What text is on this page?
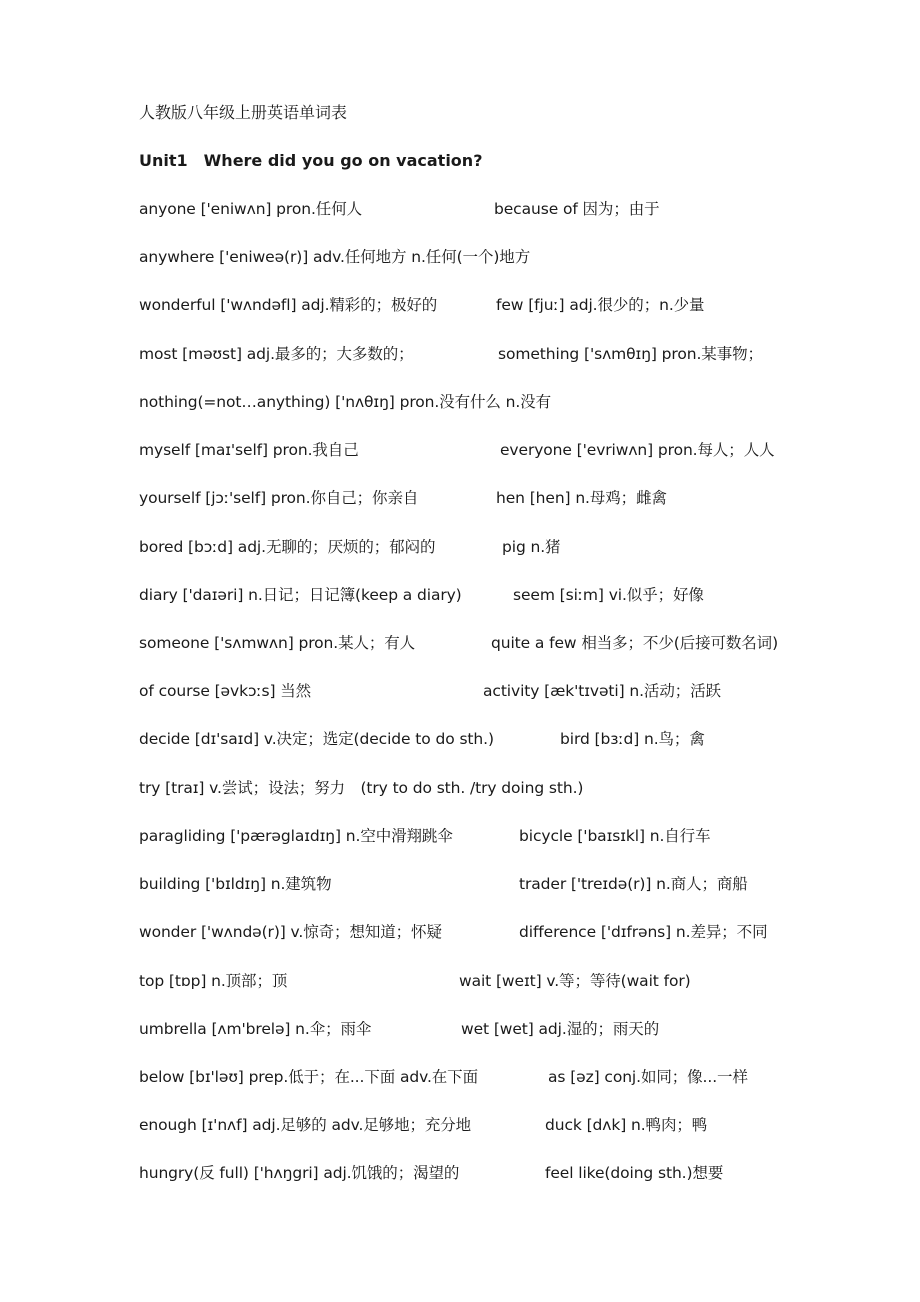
人教版八年级上册英语单词表
Unit1　Where did you go on vacation?
anyone ['eniwʌn] pron.任何人	because of 因为；由于
anywhere ['eniweə(r)] adv.任何地方 n.任何(一个)地方
wonderful ['wʌndəfl] adj.精彩的；极好的	few [fjuː] adj.很少的；n.少量
most [məʊst] adj.最多的；大多数的；	something ['sʌmθɪŋ] pron.某事物；
nothing(=not…anything) ['nʌθɪŋ] pron.没有什么 n.没有
myself [maɪ'self] pron.我自己	everyone ['evriwʌn] pron.每人；人人
yourself [jɔː'self] pron.你自己；你亲自	hen [hen] n.母鸡；雌禽
bored [bɔːd] adj.无聊的；厌烦的；郁闷的	pig n.猪
diary ['daɪəri] n.日记；日记簿(keep a diary)	seem [siːm] vi.似乎；好像
someone ['sʌmwʌn] pron.某人；有人	quite a few 相当多；不少(后接可数名词)
of course [əvkɔːs] 当然	activity [æk'tɪvəti] n.活动；活跃
decide [dɪ'saɪd] v.决定；选定(decide to do sth.)	bird [bɜːd] n.鸟；禽
try [traɪ] v.尝试；设法；努力　(try to do sth. /try doing sth.)
paragliding ['pærəglaɪdɪŋ] n.空中滑翔跳伞	bicycle ['baɪsɪkl] n.自行车
building ['bɪldɪŋ] n.建筑物	trader ['treɪdə(r)] n.商人；商船
wonder ['wʌndə(r)] v.惊奇；想知道；怀疑	difference ['dɪfrəns] n.差异；不同
top [tɒp] n.顶部；顶	wait [weɪt] v.等；等待(wait for)
umbrella [ʌm'brelə] n.伞；雨伞	wet [wet] adj.湿的；雨天的
below [bɪ'ləʊ] prep.低于；在...下面 adv.在下面	as [əz] conj.如同；像...一样
enough [ɪ'nʌf] adj.足够的 adv.足够地；充分地	duck [dʌk] n.鸭肉；鸭
hungry(反 full) ['hʌŋgri] adj.饥饿的；渴望的	feel like(doing sth.)想要
